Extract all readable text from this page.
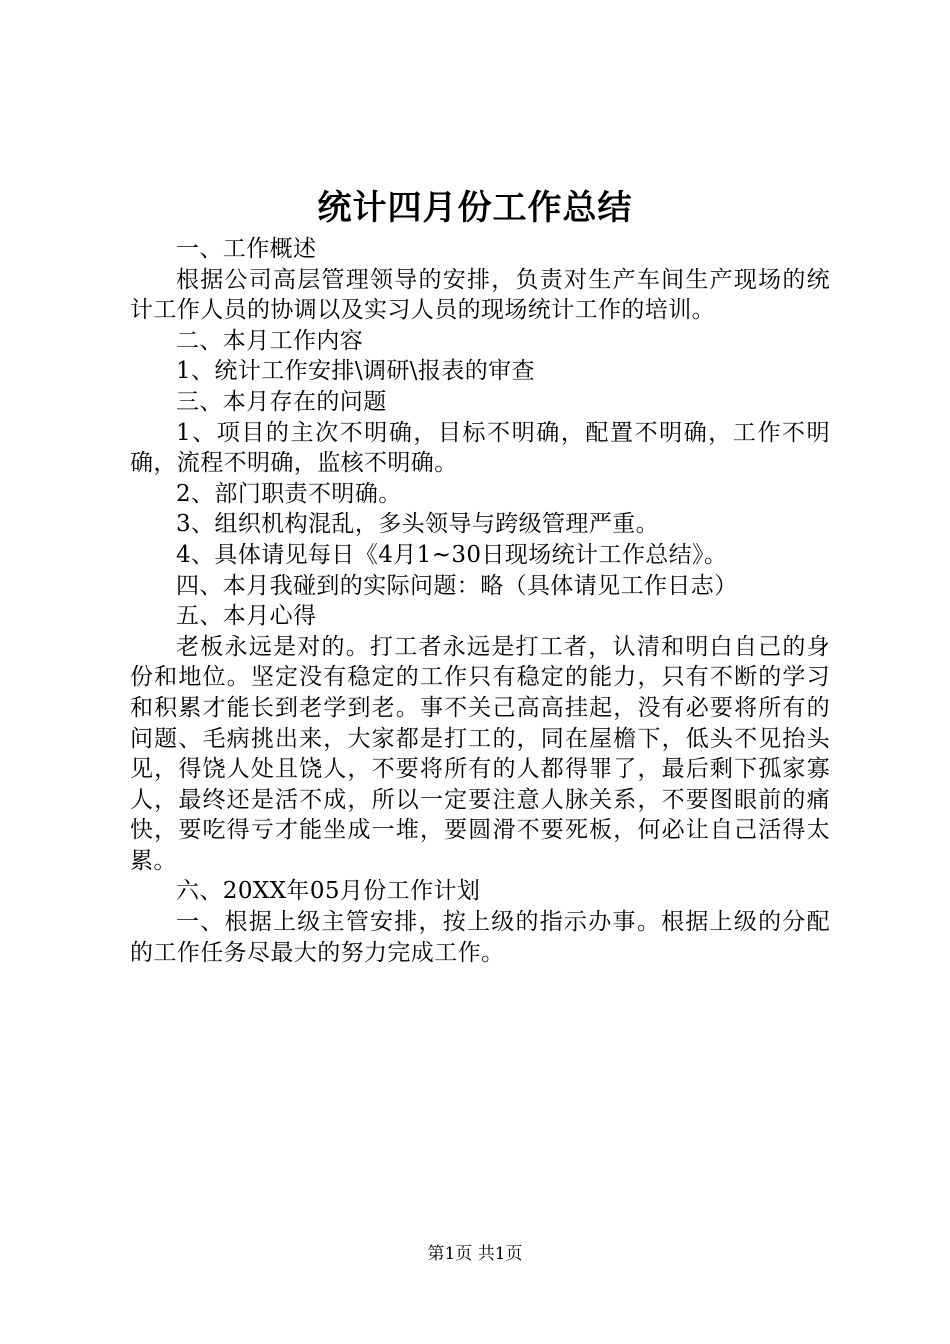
统计四月份工作总结

一、工作概述

根据公司高层管理领导的安排，负责对生产车间生产现场的统计工作人员的协调以及实习人员的现场统计工作的培训。

二、本月工作内容

1、统计工作安排\调研\报表的审查

三、本月存在的问题

1、项目的主次不明确，目标不明确，配置不明确，工作不明确，流程不明确，监核不明确。

2、部门职责不明确。

3、组织机构混乱，多头领导与跨级管理严重。

4、具体请见每日《4月1~30日现场统计工作总结》。

四、本月我碰到的实际问题：略（具体请见工作日志）

五、本月心得

老板永远是对的。打工者永远是打工者，认清和明白自己的身份和地位。坚定没有稳定的工作只有稳定的能力，只有不断的学习和积累才能长到老学到老。事不关己高高挂起，没有必要将所有的问题、毛病挑出来，大家都是打工的，同在屋檐下，低头不见抬头见，得饶人处且饶人，不要将所有的人都得罪了，最后剩下孤家寡人，最终还是活不成，所以一定要注意人脉关系，不要图眼前的痛快，要吃得亏才能坐成一堆，要圆滑不要死板，何必让自己活得太累。

六、20XX年05月份工作计划

一、根据上级主管安排，按上级的指示办事。根据上级的分配的工作任务尽最大的努力完成工作。

第1页 共1页
